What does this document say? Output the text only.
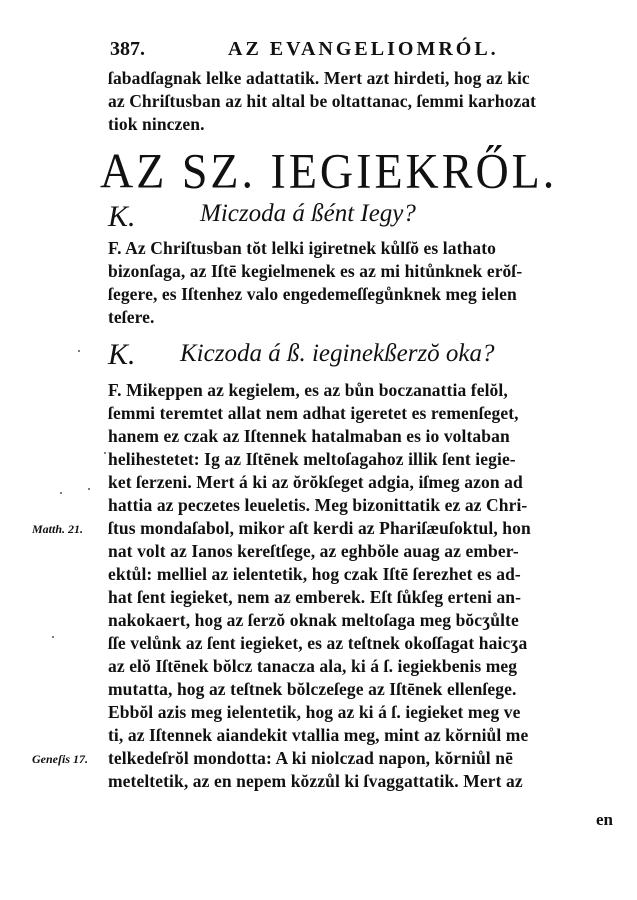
387.	AZ EVANGELIOMRÓL.
ſabadſagnak lelke adattatik. Mert azt hirdeti, hog az kic
az Chriſtusban az hit altal be oltattanac, ſemmi karhozat
tiok ninczen.
AZ SZ. IEGIEKRŐL.
K.	Miczoda á ßént Iegy?
F. Az Chriſtusban tŏt lelki igiretnek kůlſŏ es lathato
bizonſaga, az Iſtē kegielmenek es az mi hitůnknek erŏſ-
ſegere, es Iſtenhez valo engedemeſſegůnknek meg ielen
teſere.
K. Kiczoda á ß. ieginekßerzŏ oka?
F. Mikeppen az kegielem, es az bůn boczanattia felŏl,
ſemmi teremtet allat nem adhat igeretet es remenſeget,
hanem ez czak az Iſtennek hatalmaban es io voltaban
helihestetet: Ig az Iſtēnek meltoſagahoz illik ſent iegie-
ket ſerzeni. Mert á ki az ŏrŏkſeget adgia, iſmeg azon ad
hattia az peczetes leueletis. Meg bizonittatik ez az Chri-
ſtus mondaſabol, mikor aſt kerdi az Phariſæuſoktul, hon
nat volt az Ianos kereſtſege, az eghbŏle auag az ember-
ektůl: melliel az ielentetik, hog czak Iſtē ſerezhet es ad-
hat ſent iegieket, nem az emberek. Eſt ſůkſeg erteni an-
nakokaert, hog az ſerzŏ oknak meltoſaga meg bŏcʒůlte
ſſe velůnk az ſent iegieket, es az teſtnek okoſſagat haicʒa
az elŏ Iſtēnek bŏlcz tanacza ala, ki á ſ. iegiekbenis meg
mutatta, hog az teſtnek bŏlczeſege az Iſtēnek ellenſege.
Ebbŏl azis meg ielentetik, hog az ki á ſ. iegieket meg ve
ti, az Iſtennek aiandekit vtallia meg, mint az kŏrniůl me
telkedeſrŏl mondotta: A ki niolczad napon, kŏrniůl nē
meteltetik, az en nepem kŏzzůl ki ſvaggattatik. Mert az
Matth. 21.
Geneſis 17.
en
